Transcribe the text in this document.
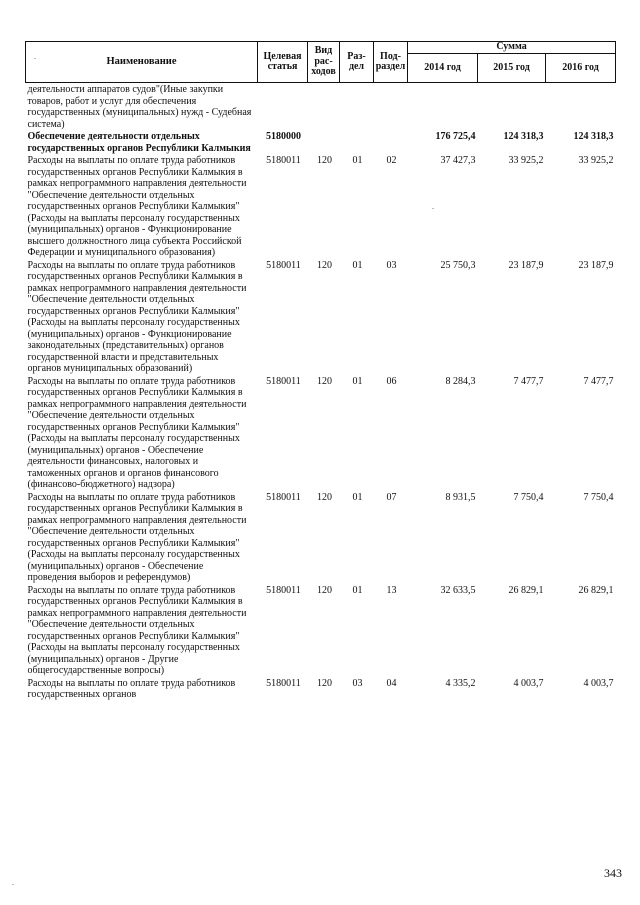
Наименование	Целевая статья	Вид рас-ходов	Раз-дел	Под-раздел	Сумма		
					2014 год	2015 год	2016 год
деятельности аппаратов судов"(Иные закупки товаров, работ и услуг для обеспечения государственных (муниципальных) нужд - Судебная система)							
Обеспечение деятельности отдельных государственных органов Республики Калмыкия	5180000				176 725,4	124 318,3	124 318,3
Расходы на выплаты по оплате труда работников государственных органов Республики Калмыкия в рамках непрограммного направления деятельности "Обеспечение деятельности отдельных государственных органов Республики Калмыкия"(Расходы на выплаты персоналу государственных (муниципальных) органов - Функционирование высшего должностного лица субъекта Российской Федерации и муниципального образования)	5180011	120	01	02	37 427,3	33 925,2	33 925,2
Расходы на выплаты по оплате труда работников государственных органов Республики Калмыкия в рамках непрограммного направления деятельности "Обеспечение деятельности отдельных государственных органов Республики Калмыкия"(Расходы на выплаты персоналу государственных (муниципальных) органов - Функционирование законодательных (представительных) органов государственной власти и представительных органов муниципальных образований)	5180011	120	01	03	25 750,3	23 187,9	23 187,9
Расходы на выплаты по оплате труда работников государственных органов Республики Калмыкия в рамках непрограммного направления деятельности "Обеспечение деятельности отдельных государственных органов Республики Калмыкия"(Расходы на выплаты персоналу государственных (муниципальных) органов - Обеспечение деятельности финансовых, налоговых и таможенных органов и органов финансового (финансово-бюджетного) надзора)	5180011	120	01	06	8 284,3	7 477,7	7 477,7
Расходы на выплаты по оплате труда работников государственных органов Республики Калмыкия в рамках непрограммного направления деятельности "Обеспечение деятельности отдельных государственных органов Республики Калмыкия"(Расходы на выплаты персоналу государственных (муниципальных) органов - Обеспечение проведения выборов и референдумов)	5180011	120	01	07	8 931,5	7 750,4	7 750,4
Расходы на выплаты по оплате труда работников государственных органов Республики Калмыкия в рамках непрограммного направления деятельности "Обеспечение деятельности отдельных государственных органов Республики Калмыкия"(Расходы на выплаты персоналу государственных (муниципальных) органов - Другие общегосударственные вопросы)	5180011	120	01	13	32 633,5	26 829,1	26 829,1
Расходы на выплаты по оплате труда работников государственных органов	5180011	120	03	04	4 335,2	4 003,7	4 003,7
343
